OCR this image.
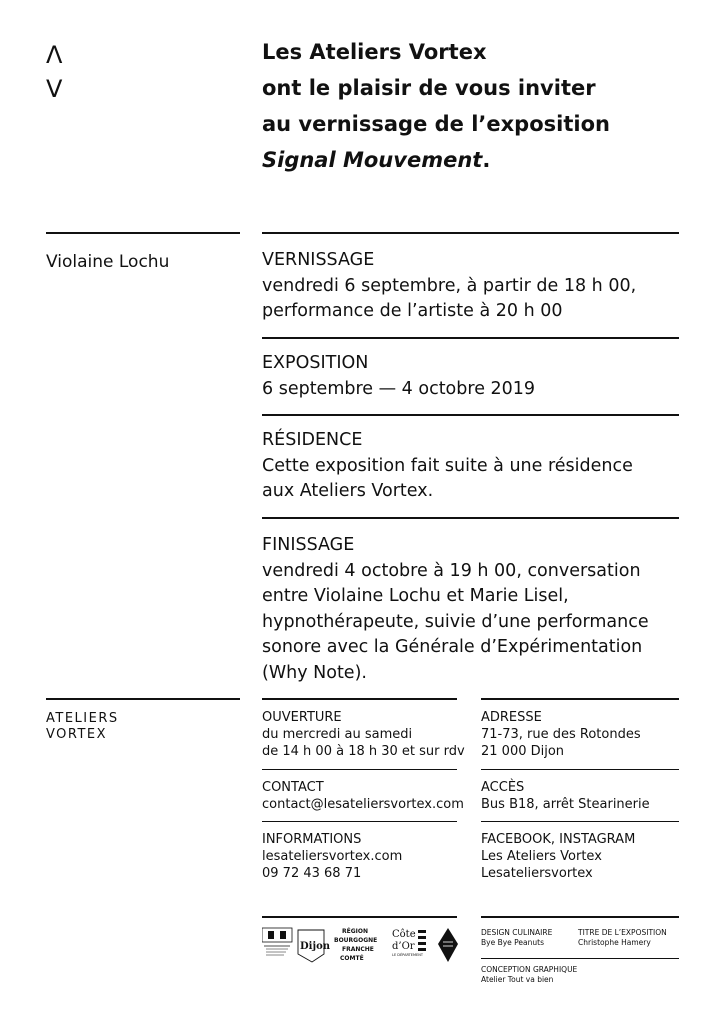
Λ
V
Les Ateliers Vortex
ont le plaisir de vous inviter
au vernissage de l’exposition
Signal Mouvement.
Violaine Lochu	VERNISSAGE
vendredi 6 septembre, à partir de 18 h 00,
performance de l’artiste à 20 h 00
EXPOSITION
6 septembre — 4 octobre 2019
RÉSIDENCE
Cette exposition fait suite à une résidence
aux Ateliers Vortex.
FINISSAGE
vendredi 4 octobre à 19 h 00, conversation
entre Violaine Lochu et Marie Lisel,
hypnothérapeute, suivie d’une performance
sonore avec la Générale d’Expérimentation
(Why Note).
ATELIERS
VORTEX
OUVERTURE
du mercredi au samedi
de 14 h 00 à 18 h 30 et sur rdv
ADRESSE
71-73, rue des Rotondes
21 000 Dijon
CONTACT
contact@lesateliersvortex.com
ACCÈS
Bus B18, arrêt Stearinerie
INFORMATIONS
lesateliersvortex.com
09 72 43 68 71
FACEBOOK, INSTAGRAM
Les Ateliers Vortex
Lesateliersvortex
Dijon
RÉGION
BOURGOGNE
FRANCHE
COMTÉ
Côte
d’Or
LE DÉPARTEMENT
DESIGN CULINAIRE
Bye Bye Peanuts
TITRE DE L’EXPOSITION
Christophe Hamery
CONCEPTION GRAPHIQUE
Atelier Tout va bien
